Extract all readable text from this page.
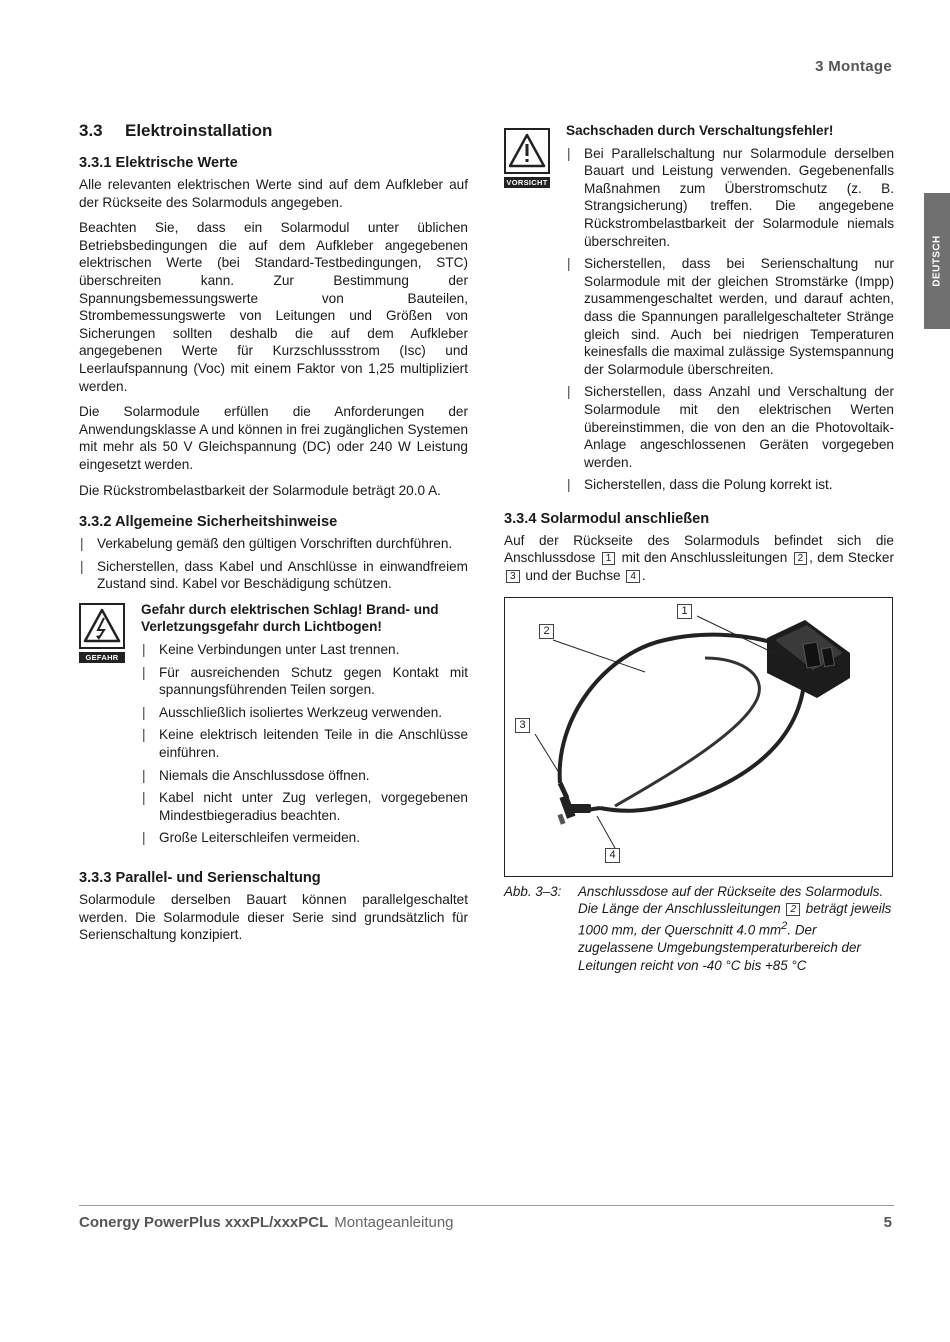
3 Montage
DEUTSCH
3.3 Elektroinstallation
3.3.1 Elektrische Werte

Alle relevanten elektrischen Werte sind auf dem Aufkleber auf der Rückseite des Solarmoduls angegeben.

Beachten Sie, dass ein Solarmodul unter üblichen Betriebsbedingungen die auf dem Aufkleber angegebenen elektrischen Werte (bei Standard-Testbedingungen, STC) überschreiten kann. Zur Bestimmung der Spannungsbemessungswerte von Bauteilen, Strombemessungswerte von Leitungen und Größen von Sicherungen sollten deshalb die auf dem Aufkleber angegebenen Werte für Kurzschlussstrom (Isc) und Leerlaufspannung (Voc) mit einem Faktor von 1,25 multipliziert werden.

Die Solarmodule erfüllen die Anforderungen der Anwendungsklasse A und können in frei zugänglichen Systemen mit mehr als 50 V Gleichspannung (DC) oder 240 W Leistung eingesetzt werden.

Die Rückstrombelastbarkeit der Solarmodule beträgt 20.0 A.

3.3.2 Allgemeine Sicherheitshinweise
| Verkabelung gemäß den gültigen Vorschriften durchführen.
| Sicherstellen, dass Kabel und Anschlüsse in einwandfreiem Zustand sind. Kabel vor Beschädigung schützen.
GEFAHR
Gefahr durch elektrischen Schlag! Brand- und Verletzungsgefahr durch Lichtbogen!
| Keine Verbindungen unter Last trennen.
| Für ausreichenden Schutz gegen Kontakt mit spannungsführenden Teilen sorgen.
| Ausschließlich isoliertes Werkzeug verwenden.
| Keine elektrisch leitenden Teile in die Anschlüsse einführen.
| Niemals die Anschlussdose öffnen.
| Kabel nicht unter Zug verlegen, vorgegebenen Mindestbiegeradius beachten.
| Große Leiterschleifen vermeiden.
3.3.3 Parallel- und Serienschaltung

Solarmodule derselben Bauart können parallelgeschaltet werden. Die Solarmodule dieser Serie sind grundsätzlich für Serienschaltung konzipiert.

VORSICHT
Sachschaden durch Verschaltungsfehler!
| Bei Parallelschaltung nur Solarmodule derselben Bauart und Leistung verwenden. Gegebenenfalls Maßnahmen zum Überstromschutz (z. B. Strangsicherung) treffen. Die angegebene Rückstrombelastbarkeit der Solarmodule niemals überschreiten.
| Sicherstellen, dass bei Serienschaltung nur Solarmodule mit der gleichen Stromstärke (Impp) zusammengeschaltet werden, und darauf achten, dass die Spannungen parallelgeschalteter Stränge gleich sind. Auch bei niedrigen Temperaturen keinesfalls die maximal zulässige Systemspannung der Solarmodule überschreiten.
| Sicherstellen, dass Anzahl und Verschaltung der Solarmodule mit den elektrischen Werten übereinstimmen, die von den an die Photovoltaik-Anlage angeschlossenen Geräten vorgegeben werden.
| Sicherstellen, dass die Polung korrekt ist.
3.3.4 Solarmodul anschließen

Auf der Rückseite des Solarmoduls befindet sich die Anschlussdose 1 mit den Anschlussleitungen 2 , dem Stecker 3 und der Buchse 4 .

1
2
3
4
Abb. 3–3: Anschlussdose auf der Rückseite des Solarmoduls. Die Länge der Anschlussleitungen 2 beträgt jeweils 1000 mm, der Querschnitt 4.0 $mm^2$. Der zugelassene Umgebungstemperaturbereich der Leitungen reicht von -40 °C bis +85 °C
Conergy PowerPlus xxxPL/xxxPCL Montageanleitung	5
